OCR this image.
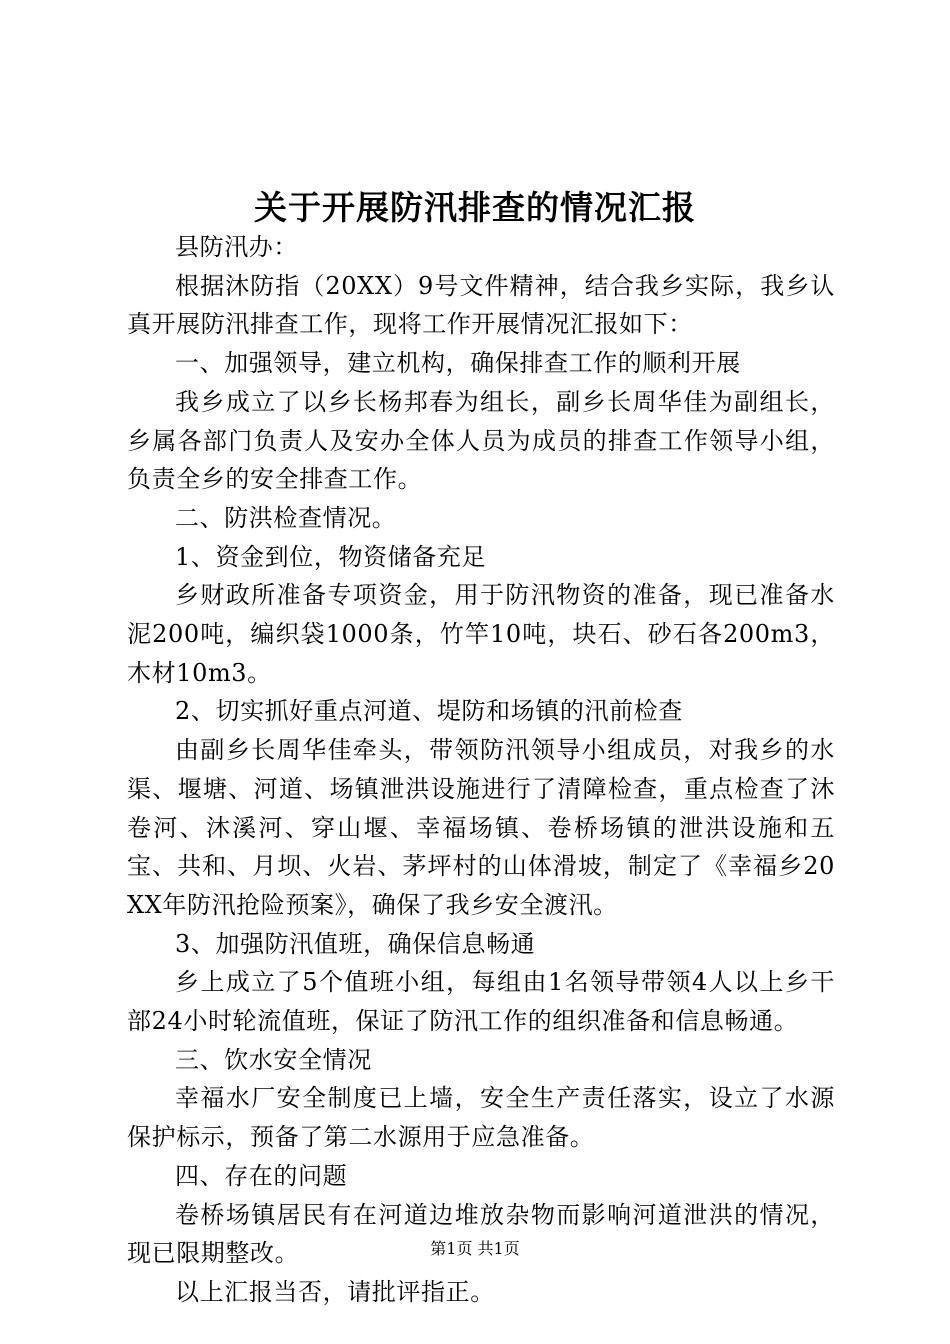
关于开展防汛排查的情况汇报

县防汛办：

根据沐防指（20XX）9号文件精神，结合我乡实际，我乡认真开展防汛排查工作，现将工作开展情况汇报如下：

一、加强领导，建立机构，确保排查工作的顺利开展

我乡成立了以乡长杨邦春为组长，副乡长周华佳为副组长，乡属各部门负责人及安办全体人员为成员的排查工作领导小组，负责全乡的安全排查工作。

二、防洪检查情况。

1、资金到位，物资储备充足

乡财政所准备专项资金，用于防汛物资的准备，现已准备水泥200吨，编织袋1000条，竹竿10吨，块石、砂石各200m3，木材10m3。

2、切实抓好重点河道、堤防和场镇的汛前检查

由副乡长周华佳牵头，带领防汛领导小组成员，对我乡的水渠、堰塘、河道、场镇泄洪设施进行了清障检查，重点检查了沐卷河、沐溪河、穿山堰、幸福场镇、卷桥场镇的泄洪设施和五宝、共和、月坝、火岩、茅坪村的山体滑坡，制定了《幸福乡20XX年防汛抢险预案》，确保了我乡安全渡汛。

3、加强防汛值班，确保信息畅通

乡上成立了5个值班小组，每组由1名领导带领4人以上乡干部24小时轮流值班，保证了防汛工作的组织准备和信息畅通。

三、饮水安全情况

幸福水厂安全制度已上墙，安全生产责任落实，设立了水源保护标示，预备了第二水源用于应急准备。

四、存在的问题

卷桥场镇居民有在河道边堆放杂物而影响河道泄洪的情况，现已限期整改。

以上汇报当否，请批评指正。

第1页 共1页
